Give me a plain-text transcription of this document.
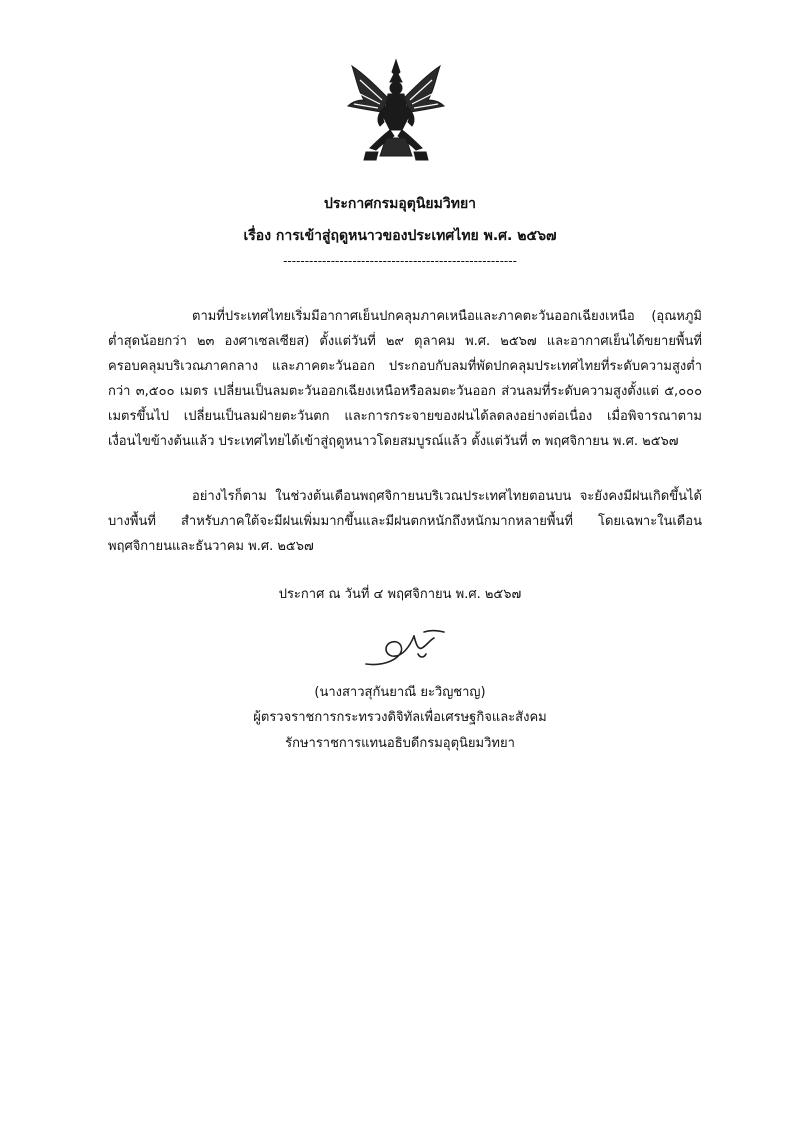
ประกาศกรมอุตุนิยมวิทยา
เรื่อง การเข้าสู่ฤดูหนาวของประเทศไทย พ.ศ. ๒๕๖๗
------------------------------------------------------

ตามที่ประเทศไทยเริ่มมีอากาศเย็นปกคลุมภาคเหนือและภาคตะวันออกเฉียงเหนือ (อุณหภูมิต่ำสุดน้อยกว่า ๒๓ องศาเซลเซียส) ตั้งแต่วันที่ ๒๙ ตุลาคม พ.ศ. ๒๕๖๗ และอากาศเย็นได้ขยายพื้นที่ครอบคลุมบริเวณภาคกลาง และภาคตะวันออก ประกอบกับลมที่พัดปกคลุมประเทศไทยที่ระดับความสูงต่ำกว่า ๓,๕๐๐ เมตร เปลี่ยนเป็นลมตะวันออกเฉียงเหนือหรือลมตะวันออก ส่วนลมที่ระดับความสูงตั้งแต่ ๕,๐๐๐ เมตรขึ้นไป เปลี่ยนเป็นลมฝ่ายตะวันตก และการกระจายของฝนได้ลดลงอย่างต่อเนื่อง เมื่อพิจารณาตามเงื่อนไขข้างต้นแล้ว ประเทศไทยได้เข้าสู่ฤดูหนาวโดยสมบูรณ์แล้ว ตั้งแต่วันที่ ๓ พฤศจิกายน พ.ศ. ๒๕๖๗

อย่างไรก็ตาม ในช่วงต้นเดือนพฤศจิกายนบริเวณประเทศไทยตอนบน จะยังคงมีฝนเกิดขึ้นได้บางพื้นที่ สำหรับภาคใต้จะมีฝนเพิ่มมากขึ้นและมีฝนตกหนักถึงหนักมากหลายพื้นที่ โดยเฉพาะในเดือนพฤศจิกายนและธันวาคม พ.ศ. ๒๕๖๗

ประกาศ ณ วันที่ ๔ พฤศจิกายน พ.ศ. ๒๕๖๗
(นางสาวสุกันยาณี ยะวิญชาญ)
ผู้ตรวจราชการกระทรวงดิจิทัลเพื่อเศรษฐกิจและสังคม
รักษาราชการแทนอธิบดีกรมอุตุนิยมวิทยา
